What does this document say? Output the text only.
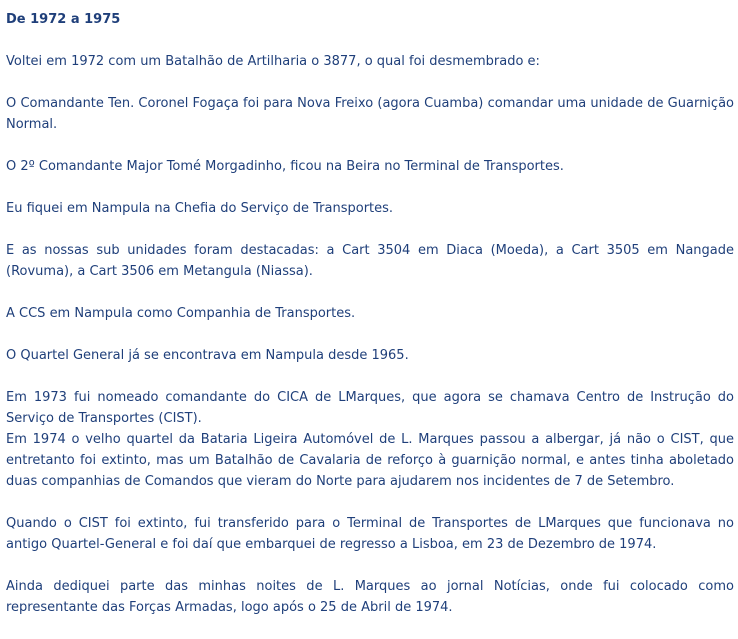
De 1972 a 1975

Voltei em 1972 com um Batalhão de Artilharia o 3877, o qual foi desmembrado e:

O Comandante Ten. Coronel Fogaça foi para Nova Freixo (agora Cuamba) comandar uma unidade de Guarnição Normal.

O 2º Comandante Major Tomé Morgadinho, ficou na Beira no Terminal de Transportes.

Eu fiquei em Nampula na Chefia do Serviço de Transportes.

E as nossas sub unidades foram destacadas: a Cart 3504 em Diaca (Moeda), a Cart 3505 em Nangade (Rovuma), a Cart 3506 em Metangula (Niassa).

A CCS em Nampula como Companhia de Transportes.

O Quartel General já se encontrava em Nampula desde 1965.

Em 1973 fui nomeado comandante do CICA de LMarques, que agora se chamava Centro de Instrução do Serviço de Transportes (CIST).

Em 1974 o velho quartel da Bataria Ligeira Automóvel de L. Marques passou a albergar, já não o CIST, que entretanto foi extinto, mas um Batalhão de Cavalaria de reforço à guarnição normal, e antes tinha aboletado duas companhias de Comandos que vieram do Norte para ajudarem nos incidentes de 7 de Setembro.

Quando o CIST foi extinto, fui transferido para o Terminal de Transportes de LMarques que funcionava no antigo Quartel-General e foi daí que embarquei de regresso a Lisboa, em 23 de Dezembro de 1974.

Ainda dediquei parte das minhas noites de L. Marques ao jornal Notícias, onde fui colocado como representante das Forças Armadas, logo após o 25 de Abril de 1974.
